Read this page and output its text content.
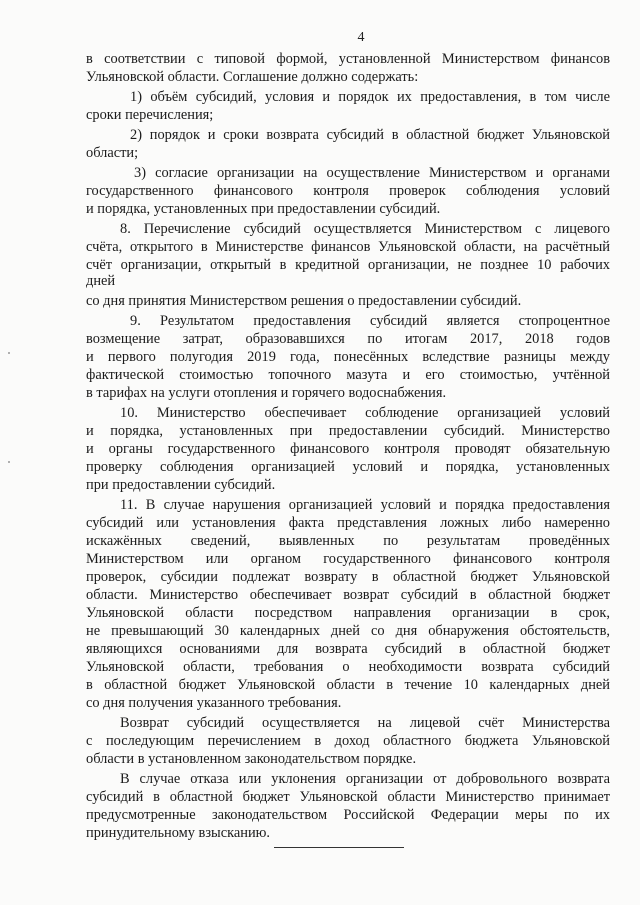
4

в соответствии с типовой формой, установленной Министерством финансов

Ульяновской области. Соглашение должно содержать:

1) объём субсидий, условия и порядок их предоставления, в том числе

сроки перечисления;

2) порядок и сроки возврата субсидий в областной бюджет Ульяновской

области;

3) согласие организации на осуществление Министерством и органами

государственного финансового контроля проверок соблюдения условий

и порядка, установленных при предоставлении субсидий.

8. Перечисление субсидий осуществляется Министерством с лицевого

счёта, открытого в Министерстве финансов Ульяновской области, на расчётный

счёт организации, открытый в кредитной организации, не позднее 10 рабочих

дней

со дня принятия Министерством решения о предоставлении субсидий.

9. Результатом предоставления субсидий является стопроцентное

возмещение затрат, образовавшихся по итогам 2017, 2018 годов

и первого полугодия 2019 года, понесённых вследствие разницы между

фактической стоимостью топочного мазута и его стоимостью, учтённой

в тарифах на услуги отопления и горячего водоснабжения.

10. Министерство обеспечивает соблюдение организацией условий

и порядка, установленных при предоставлении субсидий. Министерство

и органы государственного финансового контроля проводят обязательную

проверку соблюдения организацией условий и порядка, установленных

при предоставлении субсидий.

11. В случае нарушения организацией условий и порядка предоставления

субсидий или установления факта представления ложных либо намеренно

искажённых сведений, выявленных по результатам проведённых

Министерством или органом государственного финансового контроля

проверок, субсидии подлежат возврату в областной бюджет Ульяновской

области. Министерство обеспечивает возврат субсидий в областной бюджет

Ульяновской области посредством направления организации в срок,

не превышающий 30 календарных дней со дня обнаружения обстоятельств,

являющихся основаниями для возврата субсидий в областной бюджет

Ульяновской области, требования о необходимости возврата субсидий

в областной бюджет Ульяновской области в течение 10 календарных дней

со дня получения указанного требования.

Возврат субсидий осуществляется на лицевой счёт Министерства

с последующим перечислением в доход областного бюджета Ульяновской

области в установленном законодательством порядке.

В случае отказа или уклонения организации от добровольного возврата

субсидий в областной бюджет Ульяновской области Министерство принимает

предусмотренные законодательством Российской Федерации меры по их

принудительному взысканию.
